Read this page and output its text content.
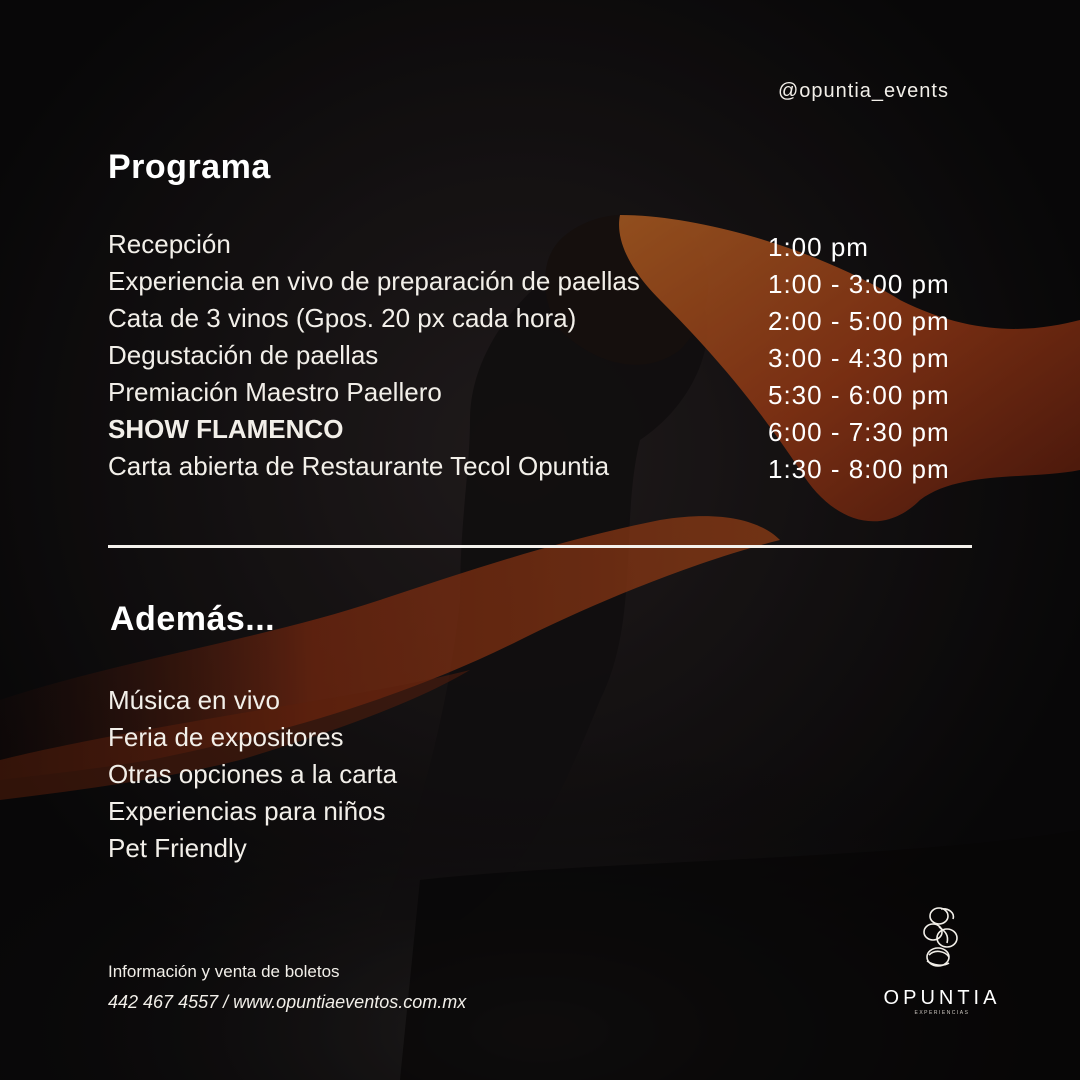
@opuntia_events
Programa
Recepción	1:00 pm
Experiencia en vivo de preparación de paellas	1:00 - 3:00 pm
Cata de 3 vinos (Gpos. 20 px cada hora)	2:00 - 5:00 pm
Degustación de paellas	3:00 - 4:30 pm
Premiación Maestro Paellero	5:30 - 6:00 pm
SHOW FLAMENCO	6:00 - 7:30 pm
Carta abierta de Restaurante Tecol Opuntia	1:30 - 8:00 pm
Además...
Música en vivo
Feria de expositores
Otras opciones a la carta
Experiencias para niños
Pet Friendly
Información y venta de boletos
442 467 4557 / www.opuntiaeventos.com.mx	OPUNTIA
EXPERIENCIAS
